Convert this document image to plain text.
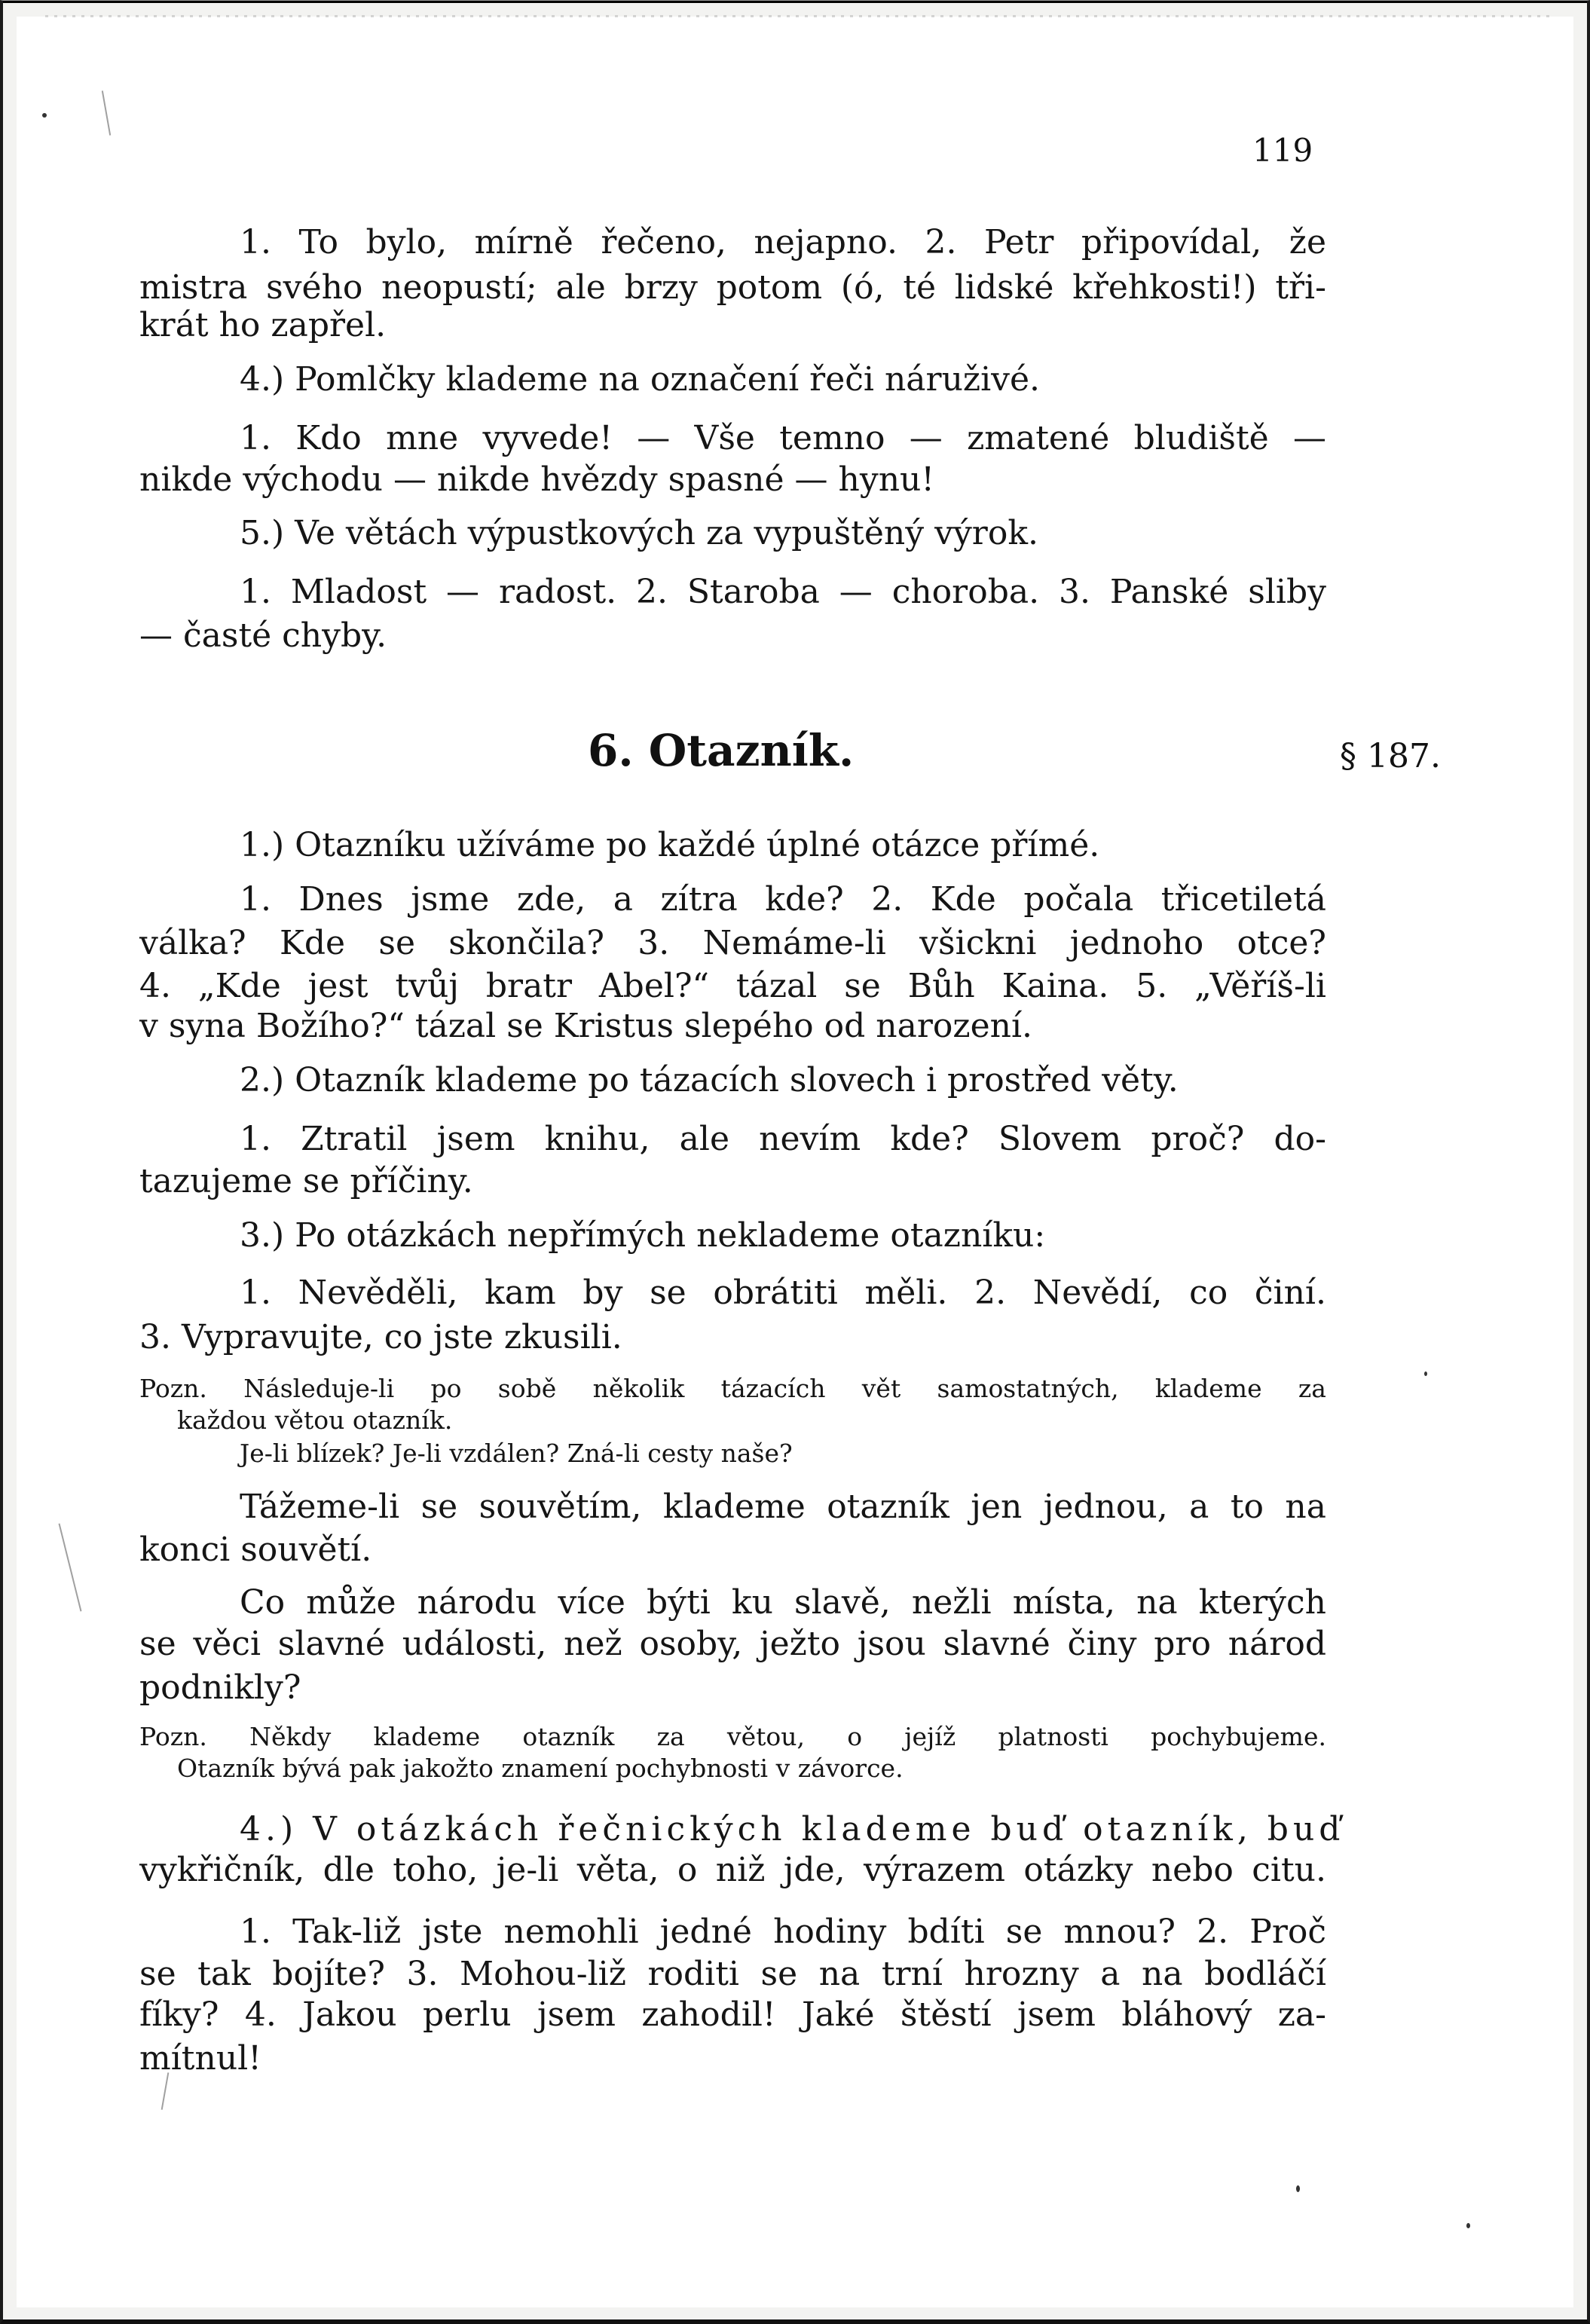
119
1. To bylo, mírně řečeno, nejapno. 2. Petr připovídal, že
mistra svého neopustí; ale brzy potom (ó, té lidské křehkosti!) tři-
krát ho zapřel.
4.) Pomlčky klademe na označení řeči náruživé.
1. Kdo mne vyvede! — Vše temno — zmatené bludiště —
nikde východu — nikde hvězdy spasné — hynu!
5.) Ve větách výpustkových za vypuštěný výrok.
1. Mladost — radost. 2. Staroba — choroba. 3. Panské sliby
— časté chyby.
6. Otazník.	§ 187.
1.) Otazníku užíváme po každé úplné otázce přímé.
1. Dnes jsme zde, a zítra kde? 2. Kde počala třicetiletá
válka? Kde se skončila? 3. Nemáme-li všickni jednoho otce?
4. „Kde jest tvůj bratr Abel?“ tázal se Bůh Kaina. 5. „Věříš-li
v syna Božího?“ tázal se Kristus slepého od narození.
2.) Otazník klademe po tázacích slovech i prostřed věty.
1. Ztratil jsem knihu, ale nevím kde? Slovem proč? do-
tazujeme se příčiny.
3.) Po otázkách nepřímých neklademe otazníku:
1. Nevěděli, kam by se obrátiti měli. 2. Nevědí, co činí.
3. Vypravujte, co jste zkusili.
Pozn. Následuje-li po sobě několik tázacích vět samostatných, klademe za
každou větou otazník.
Je-li blízek? Je-li vzdálen? Zná-li cesty naše?
Tážeme-li se souvětím, klademe otazník jen jednou, a to na
konci souvětí.
Co může národu více býti ku slavě, nežli místa, na kterých
se věci slavné události, než osoby, ježto jsou slavné činy pro národ
podnikly?
Pozn. Někdy klademe otazník za větou, o jejíž platnosti pochybujeme.
Otazník bývá pak jakožto znamení pochybnosti v závorce.
4.) V otázkách řečnických klademe buď otazník, buď
vykřičník, dle toho, je-li věta, o niž jde, výrazem otázky nebo citu.
1. Tak-liž jste nemohli jedné hodiny bdíti se mnou? 2. Proč
se tak bojíte? 3. Mohou-liž roditi se na trní hrozny a na bodláčí
fíky? 4. Jakou perlu jsem zahodil! Jaké štěstí jsem bláhový za-
mítnul!
